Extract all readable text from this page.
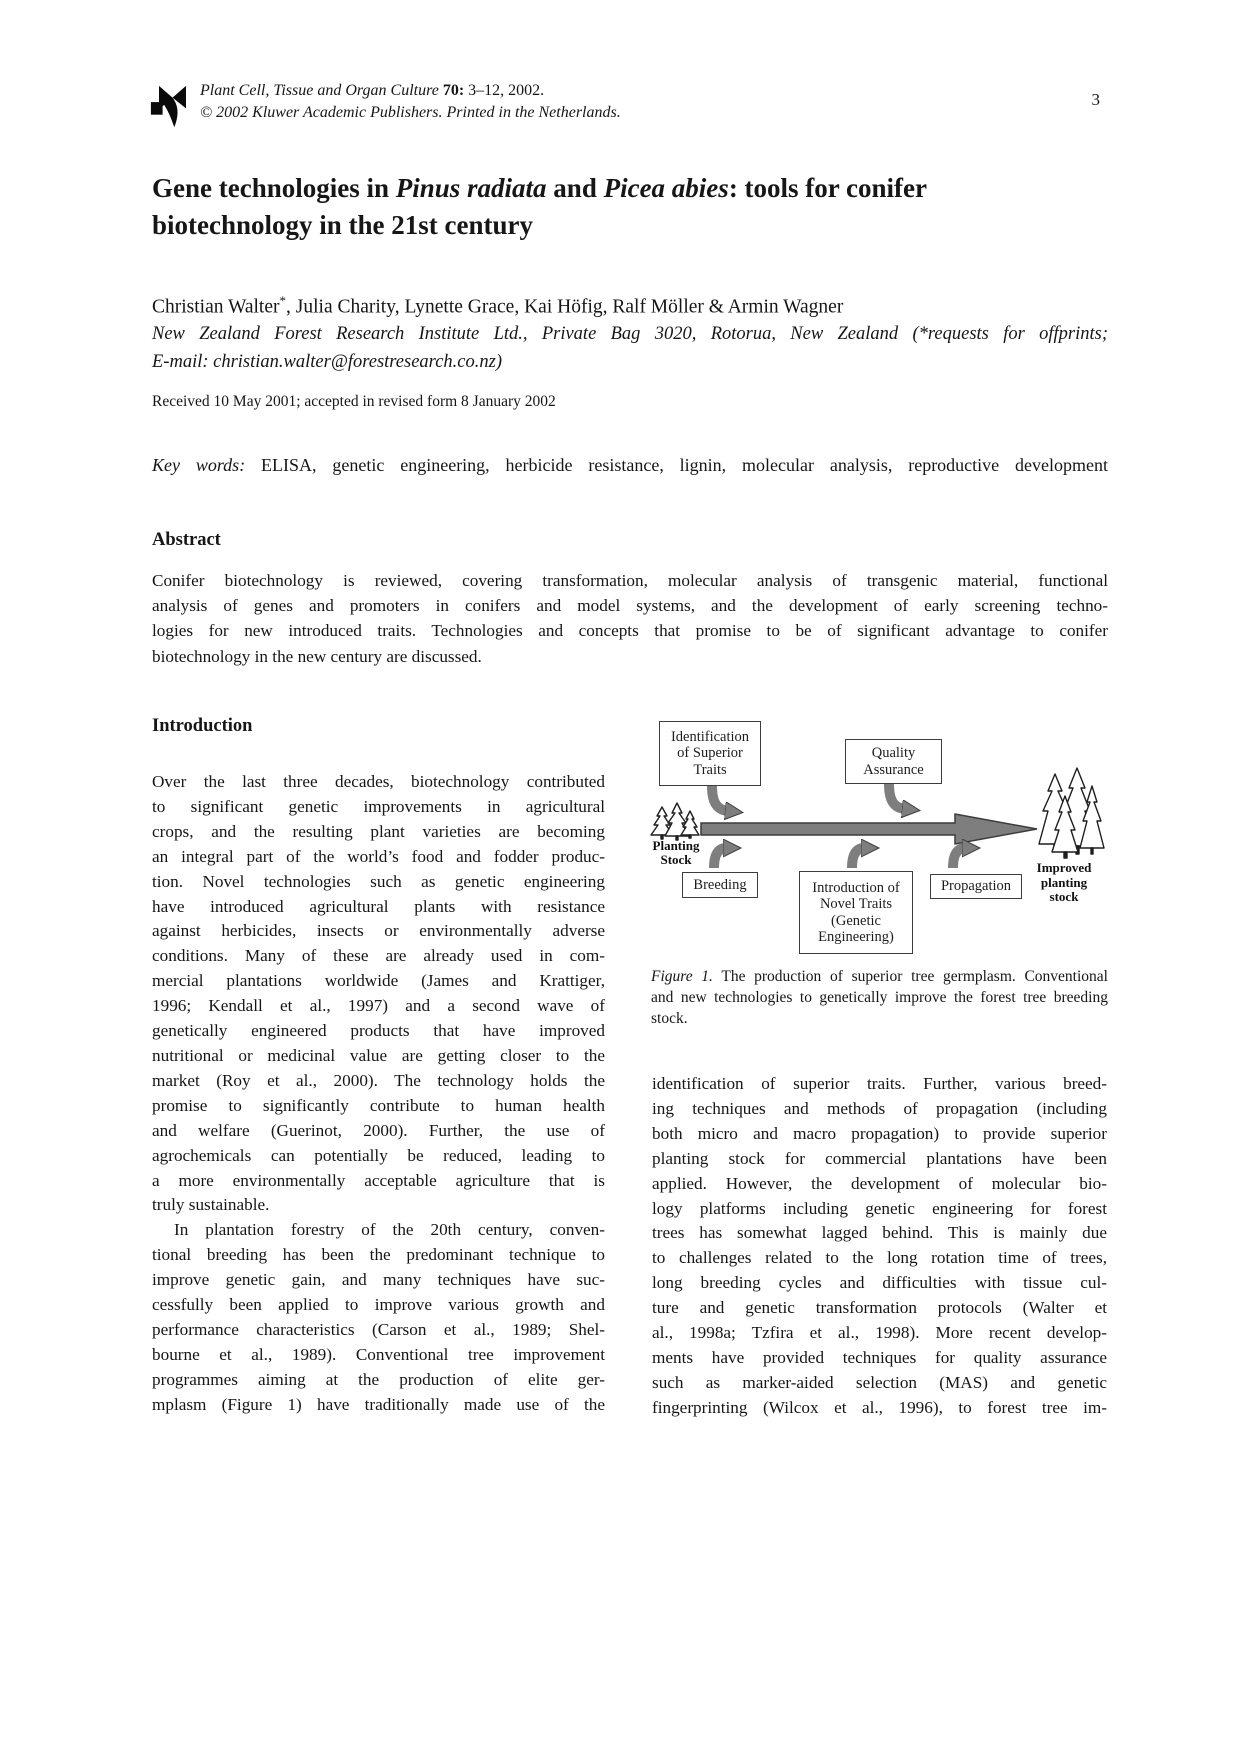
Plant Cell, Tissue and Organ Culture 70: 3–12, 2002.
© 2002 Kluwer Academic Publishers. Printed in the Netherlands.
3
Gene technologies in Pinus radiata and Picea abies: tools for conifer
biotechnology in the 21st century
Christian Walter*, Julia Charity, Lynette Grace, Kai Höfig, Ralf Möller & Armin Wagner
New Zealand Forest Research Institute Ltd., Private Bag 3020, Rotorua, New Zealand (*requests for offprints;
E-mail: christian.walter@forestresearch.co.nz)
Received 10 May 2001; accepted in revised form 8 January 2002
Key words: ELISA, genetic engineering, herbicide resistance, lignin, molecular analysis, reproductive development
Abstract
Conifer biotechnology is reviewed, covering transformation, molecular analysis of transgenic material, functional
analysis of genes and promoters in conifers and model systems, and the development of early screening techno-
logies for new introduced traits. Technologies and concepts that promise to be of significant advantage to conifer
biotechnology in the new century are discussed.
Introduction
Over the last three decades, biotechnology contributed
to significant genetic improvements in agricultural
crops, and the resulting plant varieties are becoming
an integral part of the world’s food and fodder produc-
tion. Novel technologies such as genetic engineering
have introduced agricultural plants with resistance
against herbicides, insects or environmentally adverse
conditions. Many of these are already used in com-
mercial plantations worldwide (James and Krattiger,
1996; Kendall et al., 1997) and a second wave of
genetically engineered products that have improved
nutritional or medicinal value are getting closer to the
market (Roy et al., 2000). The technology holds the
promise to significantly contribute to human health
and welfare (Guerinot, 2000). Further, the use of
agrochemicals can potentially be reduced, leading to
a more environmentally acceptable agriculture that is
truly sustainable.
In plantation forestry of the 20th century, conven-
tional breeding has been the predominant technique to
improve genetic gain, and many techniques have suc-
cessfully been applied to improve various growth and
performance characteristics (Carson et al., 1989; Shel-
bourne et al., 1989). Conventional tree improvement
programmes aiming at the production of elite ger-
mplasm (Figure 1) have traditionally made use of the
identification of superior traits. Further, various breed-
ing techniques and methods of propagation (including
both micro and macro propagation) to provide superior
planting stock for commercial plantations have been
applied. However, the development of molecular bio-
logy platforms including genetic engineering for forest
trees has somewhat lagged behind. This is mainly due
to challenges related to the long rotation time of trees,
long breeding cycles and difficulties with tissue cul-
ture and genetic transformation protocols (Walter et
al., 1998a; Tzfira et al., 1998). More recent develop-
ments have provided techniques for quality assurance
such as marker-aided selection (MAS) and genetic
fingerprinting (Wilcox et al., 1996), to forest tree im-
Identification
of Superior
Traits
Quality
Assurance
Breeding	Introduction of
Novel Traits
(Genetic
Engineering)
Propagation
Planting
Stock
Improved
planting
stock
Figure 1. The production of superior tree germplasm. Conventional
and new technologies to genetically improve the forest tree breeding
stock.
